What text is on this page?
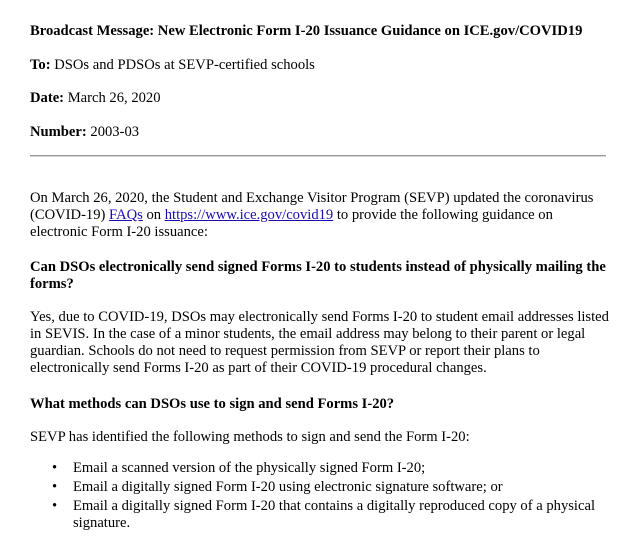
Broadcast Message: New Electronic Form I-20 Issuance Guidance on ICE.gov/COVID19
To: DSOs and PDSOs at SEVP-certified schools
Date: March 26, 2020
Number: 2003-03
On March 26, 2020, the Student and Exchange Visitor Program (SEVP) updated the coronavirus (COVID-19) FAQs on https://www.ice.gov/covid19 to provide the following guidance on electronic Form I-20 issuance:
Can DSOs electronically send signed Forms I-20 to students instead of physically mailing the forms?
Yes, due to COVID-19, DSOs may electronically send Forms I-20 to student email addresses listed in SEVIS. In the case of a minor students, the email address may belong to their parent or legal guardian. Schools do not need to request permission from SEVP or report their plans to electronically send Forms I-20 as part of their COVID-19 procedural changes.
What methods can DSOs use to sign and send Forms I-20?
SEVP has identified the following methods to sign and send the Form I-20:
• Email a scanned version of the physically signed Form I-20;
• Email a digitally signed Form I-20 using electronic signature software; or
• Email a digitally signed Form I-20 that contains a digitally reproduced copy of a physical signature.
